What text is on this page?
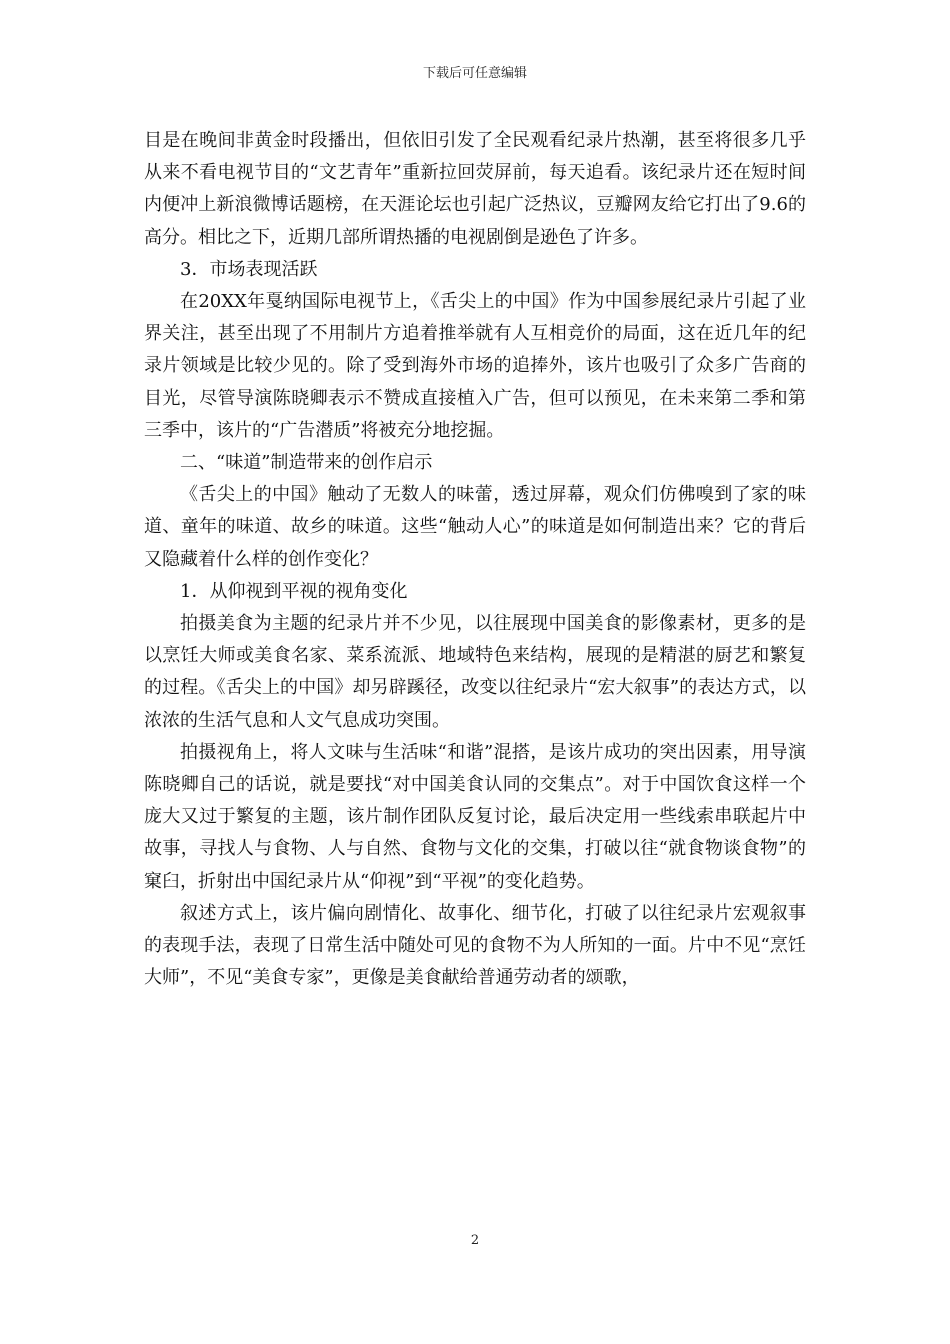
下载后可任意编辑

目是在晚间非黄金时段播出，但依旧引发了全民观看纪录片热潮，甚至将很多几乎从来不看电视节目的“文艺青年”重新拉回荧屏前，每天追看。该纪录片还在短时间内便冲上新浪微博话题榜，在天涯论坛也引起广泛热议，豆瓣网友给它打出了9.6的高分。相比之下，近期几部所谓热播的电视剧倒是逊色了许多。

3．市场表现活跃

在20XX年戛纳国际电视节上，《舌尖上的中国》作为中国参展纪录片引起了业界关注，甚至出现了不用制片方追着推举就有人互相竞价的局面，这在近几年的纪录片领域是比较少见的。除了受到海外市场的追捧外，该片也吸引了众多广告商的目光，尽管导演陈晓卿表示不赞成直接植入广告，但可以预见，在未来第二季和第三季中，该片的“广告潜质”将被充分地挖掘。

二、“味道”制造带来的创作启示

《舌尖上的中国》触动了无数人的味蕾，透过屏幕，观众们仿佛嗅到了家的味道、童年的味道、故乡的味道。这些“触动人心”的味道是如何制造出来？它的背后又隐藏着什么样的创作变化？

1．从仰视到平视的视角变化

拍摄美食为主题的纪录片并不少见，以往展现中国美食的影像素材，更多的是以烹饪大师或美食名家、菜系流派、地域特色来结构，展现的是精湛的厨艺和繁复的过程。《舌尖上的中国》却另辟蹊径，改变以往纪录片“宏大叙事”的表达方式，以浓浓的生活气息和人文气息成功突围。

拍摄视角上，将人文味与生活味“和谐”混搭，是该片成功的突出因素，用导演陈晓卿自己的话说，就是要找“对中国美食认同的交集点”。对于中国饮食这样一个庞大又过于繁复的主题，该片制作团队反复讨论，最后决定用一些线索串联起片中故事，寻找人与食物、人与自然、食物与文化的交集，打破以往“就食物谈食物”的窠臼，折射出中国纪录片从“仰视”到“平视”的变化趋势。

叙述方式上，该片偏向剧情化、故事化、细节化，打破了以往纪录片宏观叙事的表现手法，表现了日常生活中随处可见的食物不为人所知的一面。片中不见“烹饪大师”，不见“美食专家”，更像是美食献给普通劳动者的颂歌，

2
